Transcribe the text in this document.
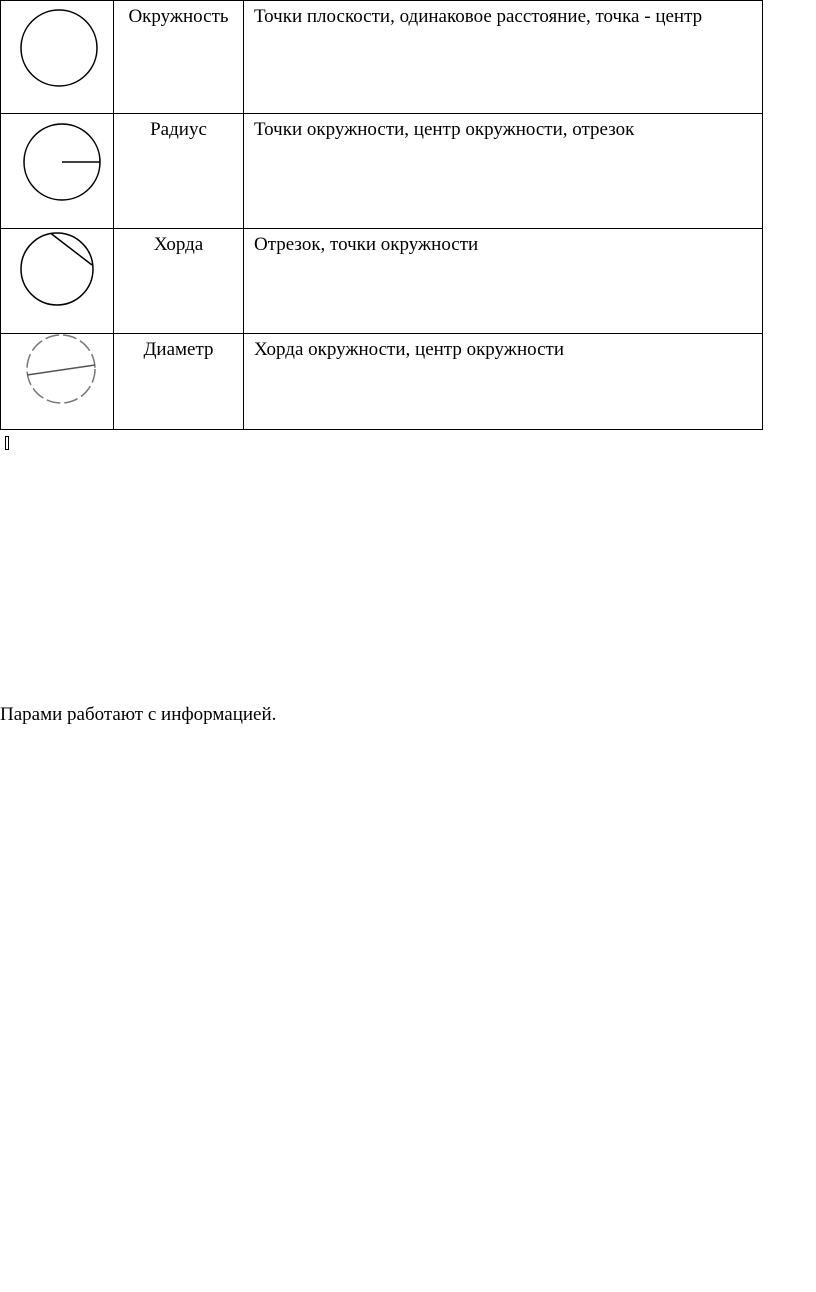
	Окружность	Точки плоскости, одинаковое расстояние, точка - центр

	Радиус	Точки окружности, центр окружности, отрезок

	Хорда	Отрезок, точки окружности

	Диаметр	Хорда окружности, центр окружности
Парами работают с информацией.
